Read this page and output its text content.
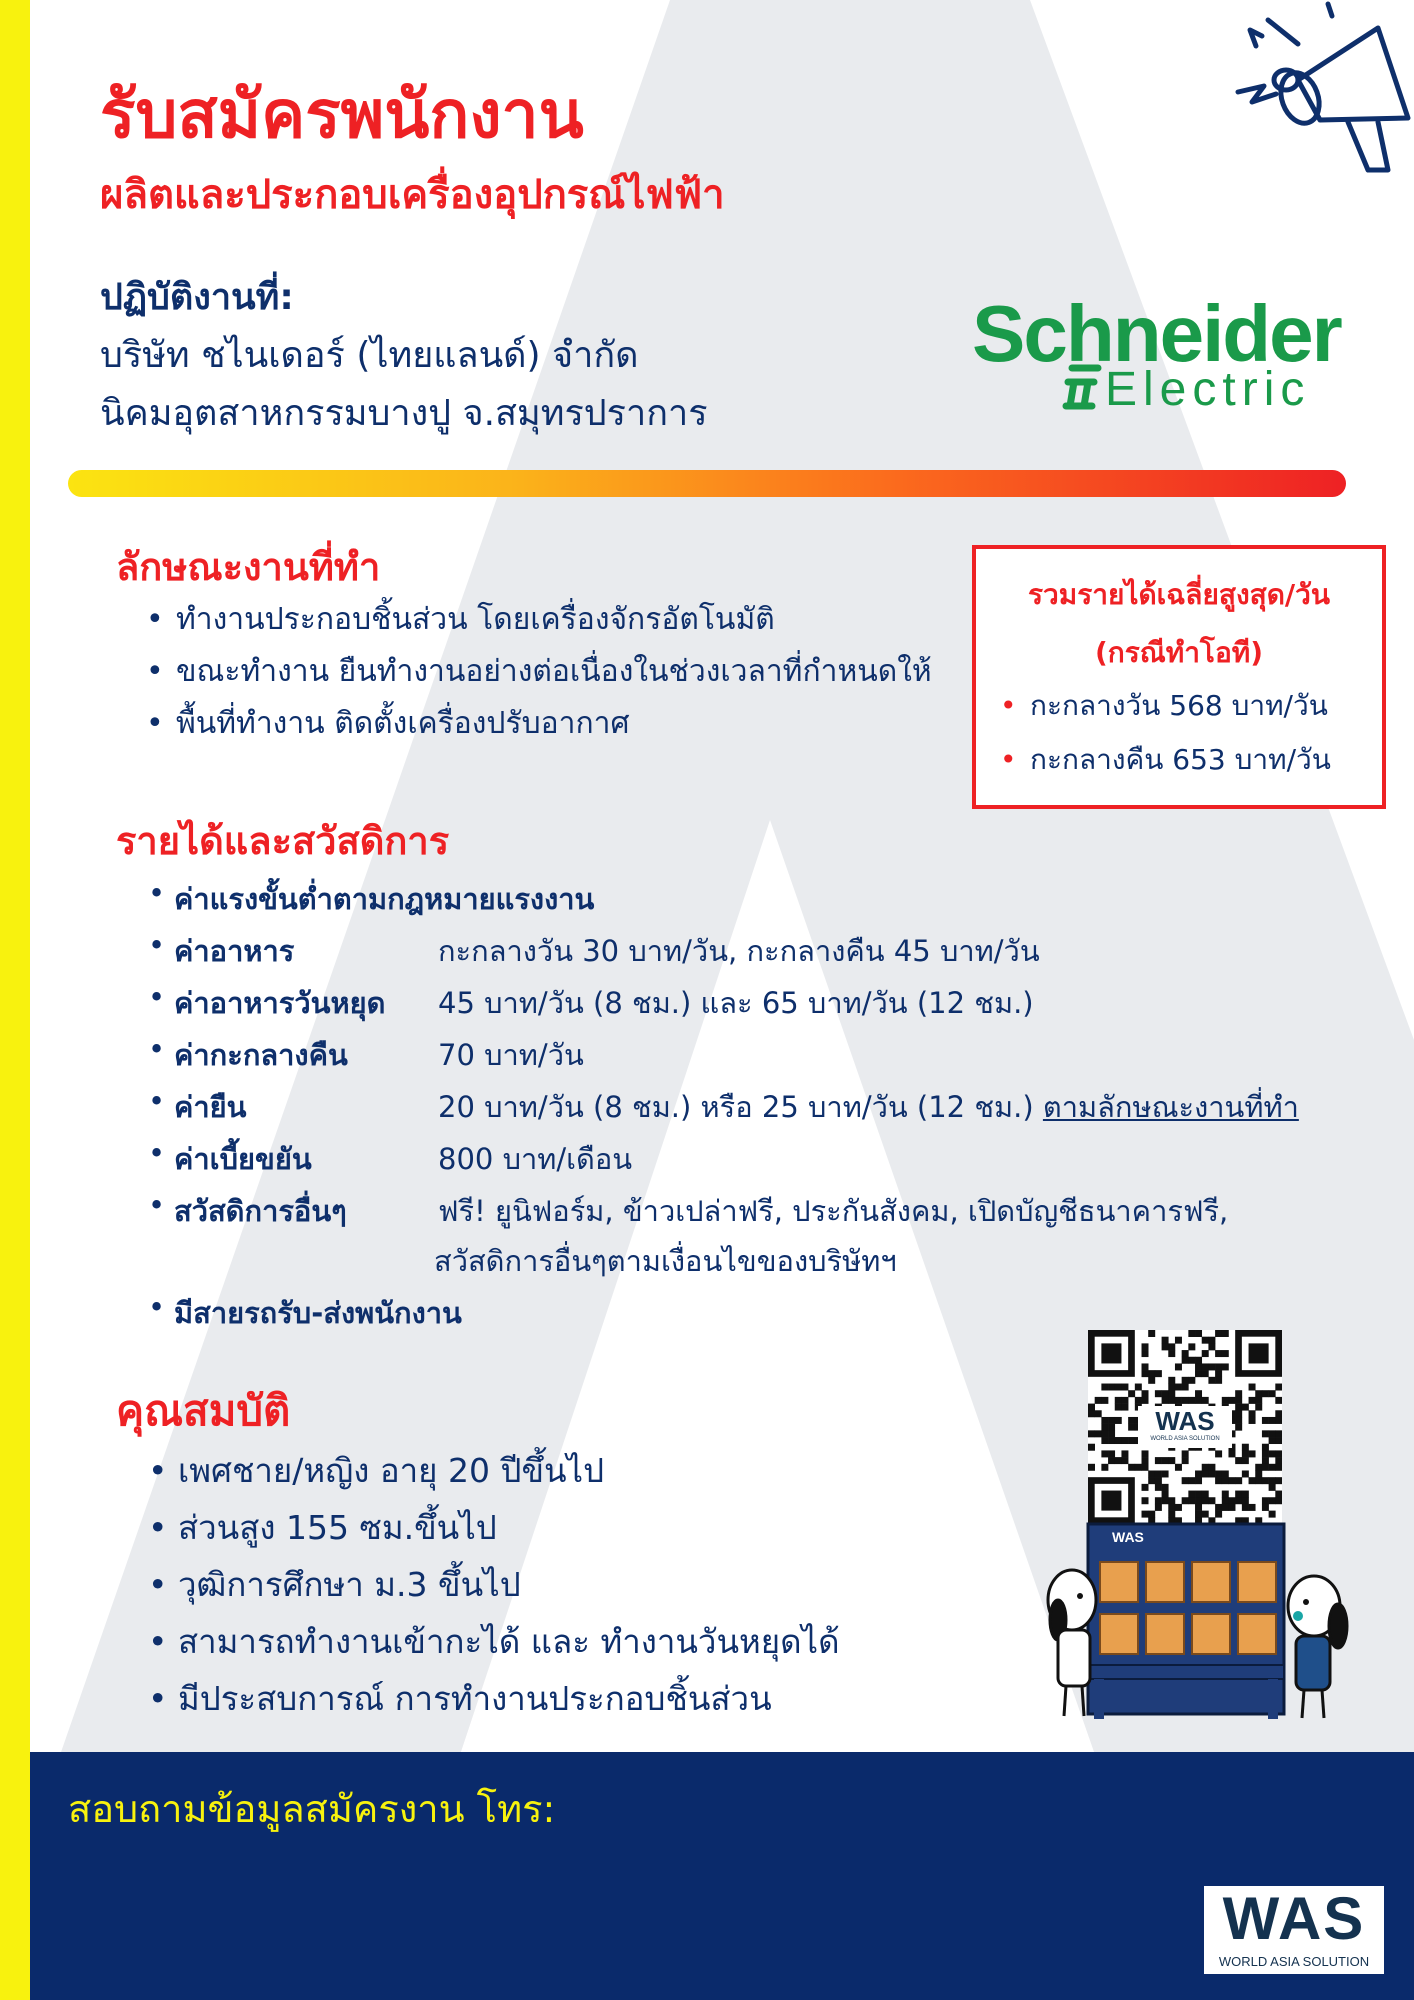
รับสมัครพนักงาน
ผลิตและประกอบเครื่องอุปกรณ์ไฟฟ้า
ปฏิบัติงานที่:
บริษัท ชไนเดอร์ (ไทยแลนด์) จำกัด
นิคมอุตสาหกรรมบางปู จ.สมุทรปราการ
Schneider
Electric
ลักษณะงานที่ทำ
• ทำงานประกอบชิ้นส่วน โดยเครื่องจักรอัตโนมัติ
• ขณะทำงาน ยืนทำงานอย่างต่อเนื่องในช่วงเวลาที่กำหนดให้
• พื้นที่ทำงาน ติดตั้งเครื่องปรับอากาศ
รวมรายได้เฉลี่ยสูงสุด/วัน
(กรณีทำโอที)
• กะกลางวัน 568 บาท/วัน
• กะกลางคืน 653 บาท/วัน
รายได้และสวัสดิการ
ค่าแรงขั้นต่ำตามกฎหมายแรงงาน
ค่าอาหาร	กะกลางวัน 30 บาท/วัน, กะกลางคืน 45 บาท/วัน
ค่าอาหารวันหยุด 45 บาท/วัน (8 ชม.) และ 65 บาท/วัน (12 ชม.)
ค่ากะกลางคืน	70 บาท/วัน
ค่ายืน	20 บาท/วัน (8 ชม.) หรือ 25 บาท/วัน (12 ชม.) ตามลักษณะงานที่ทำ
ค่าเบี้ยขยัน	800 บาท/เดือน
สวัสดิการอื่นๆ	ฟรี! ยูนิฟอร์ม, ข้าวเปล่าฟรี, ประกันสังคม, เปิดบัญชีธนาคารฟรี,
สวัสดิการอื่นๆตามเงื่อนไขของบริษัทฯ
มีสายรถรับ-ส่งพนักงาน
คุณสมบัติ
• เพศชาย/หญิง อายุ 20 ปีขึ้นไป
• ส่วนสูง 155 ซม.ขึ้นไป
• วุฒิการศึกษา ม.3 ขึ้นไป
• สามารถทำงานเข้ากะได้ และ ทำงานวันหยุดได้
• มีประสบการณ์ การทำงานประกอบชิ้นส่วน
WAS
WORLD ASIA SOLUTION
WAS
สอบถามข้อมูลสมัครงาน โทร:
WAS
WORLD ASIA SOLUTION
